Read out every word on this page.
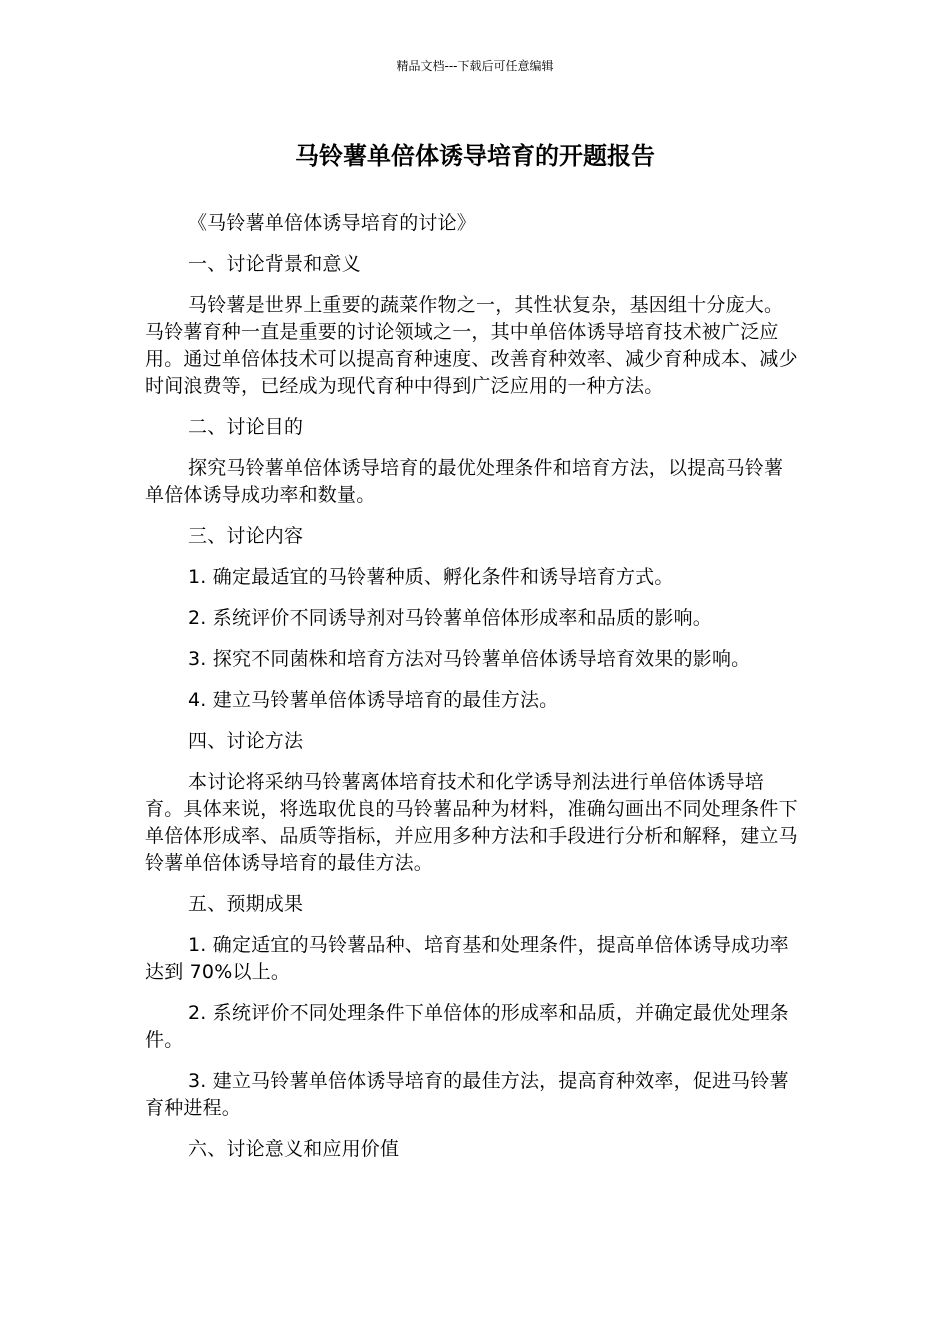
精品文档---下载后可任意编辑
马铃薯单倍体诱导培育的开题报告

《马铃薯单倍体诱导培育的讨论》

一、讨论背景和意义

马铃薯是世界上重要的蔬菜作物之一，其性状复杂，基因组十分庞大。马铃薯育种一直是重要的讨论领域之一，其中单倍体诱导培育技术被广泛应用。通过单倍体技术可以提高育种速度、改善育种效率、减少育种成本、减少时间浪费等，已经成为现代育种中得到广泛应用的一种方法。

二、讨论目的

探究马铃薯单倍体诱导培育的最优处理条件和培育方法，以提高马铃薯单倍体诱导成功率和数量。

三、讨论内容

1. 确定最适宜的马铃薯种质、孵化条件和诱导培育方式。

2. 系统评价不同诱导剂对马铃薯单倍体形成率和品质的影响。

3. 探究不同菌株和培育方法对马铃薯单倍体诱导培育效果的影响。

4. 建立马铃薯单倍体诱导培育的最佳方法。

四、讨论方法

本讨论将采纳马铃薯离体培育技术和化学诱导剂法进行单倍体诱导培育。具体来说，将选取优良的马铃薯品种为材料，准确勾画出不同处理条件下单倍体形成率、品质等指标，并应用多种方法和手段进行分析和解释，建立马铃薯单倍体诱导培育的最佳方法。

五、预期成果

1. 确定适宜的马铃薯品种、培育基和处理条件，提高单倍体诱导成功率达到 70%以上。

2. 系统评价不同处理条件下单倍体的形成率和品质，并确定最优处理条件。

3. 建立马铃薯单倍体诱导培育的最佳方法，提高育种效率，促进马铃薯育种进程。

六、讨论意义和应用价值
